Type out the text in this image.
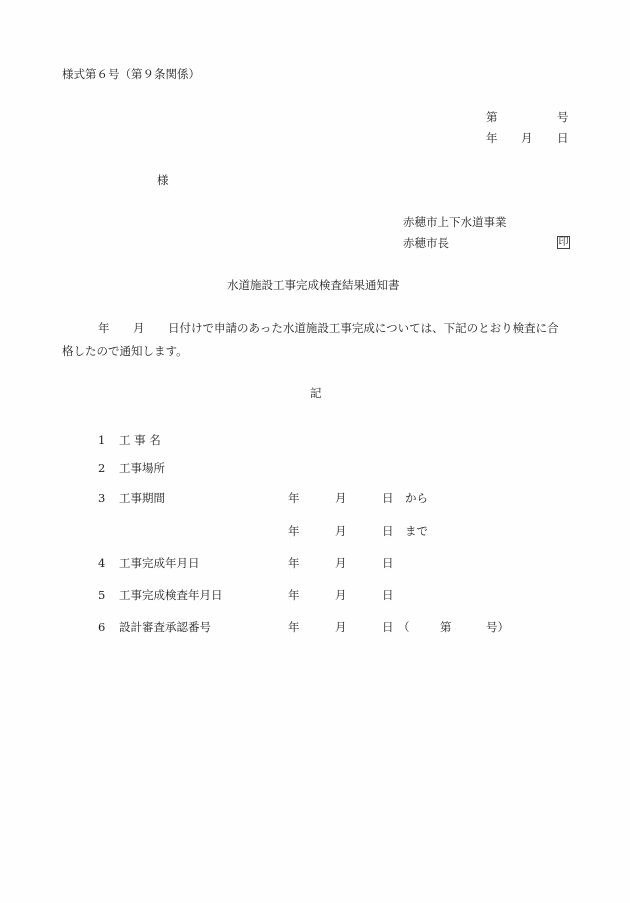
様式第６号（第９条関係）
第	号
年 月 日
様
赤穂市上下水道事業
赤穂市長	印
水道施設工事完成検査結果通知書
年 月 日付けで申請のあった水道施設工事完成については、下記のとおり検査に合
格したので通知します。
記
1 工 事 名
2 工事場所
3 工事期間	年	月	日 から
年	月	日 まで
4 工事完成年月日	年	月	日
5 工事完成検査年月日	年	月	日
6 設計審査承認番号	年	月	日 （	第	号）
